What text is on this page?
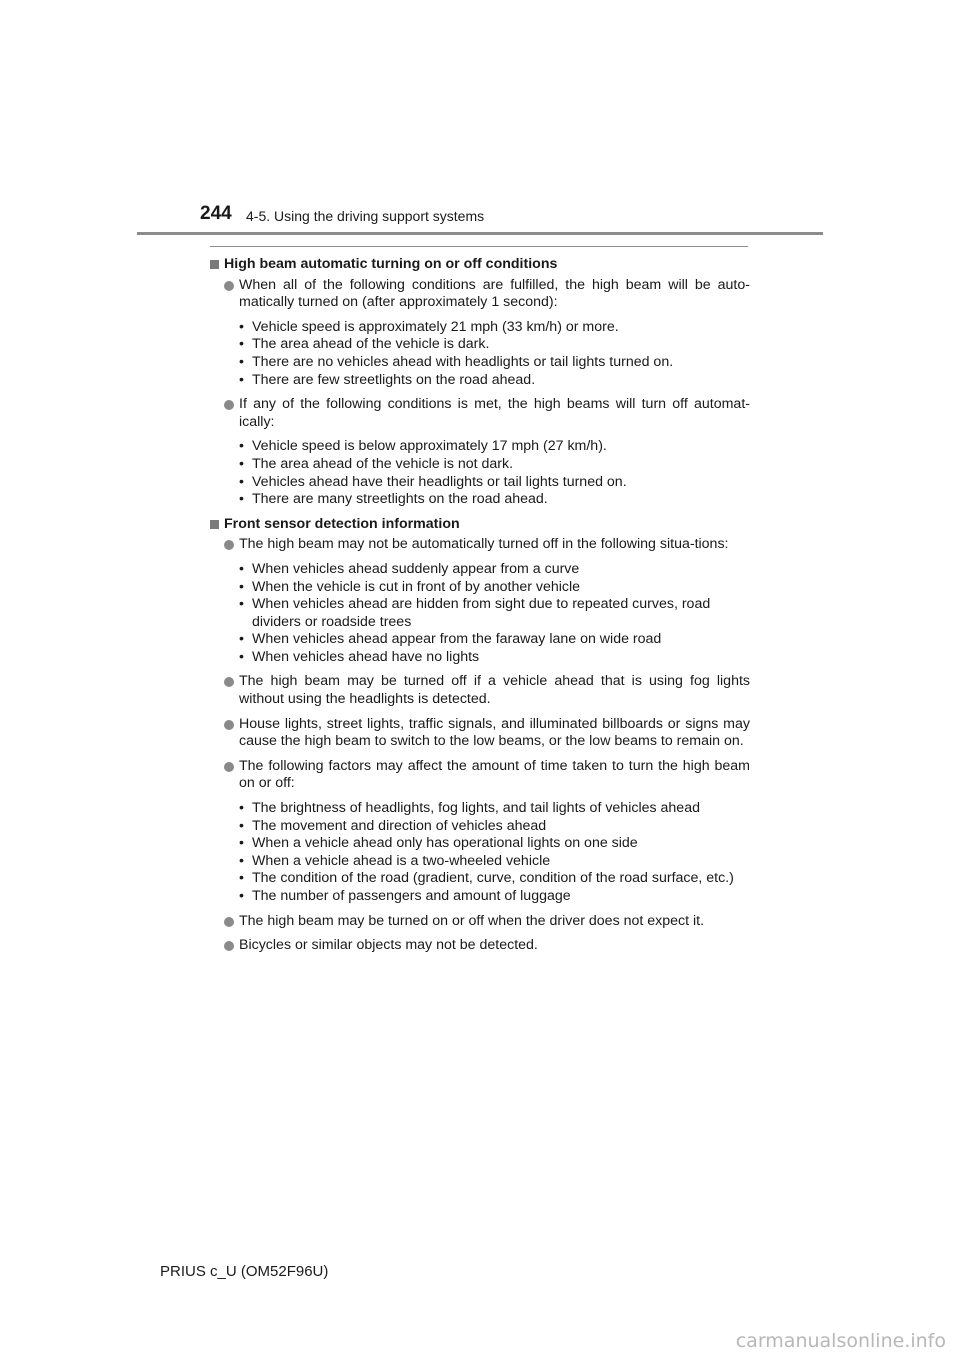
244 4-5. Using the driving support systems
High beam automatic turning on or off conditions
When all of the following conditions are fulfilled, the high beam will be auto-matically turned on (after approximately 1 second):
• Vehicle speed is approximately 21 mph (33 km/h) or more.
• The area ahead of the vehicle is dark.
• There are no vehicles ahead with headlights or tail lights turned on.
• There are few streetlights on the road ahead.
If any of the following conditions is met, the high beams will turn off automat-ically:
• Vehicle speed is below approximately 17 mph (27 km/h).
• The area ahead of the vehicle is not dark.
• Vehicles ahead have their headlights or tail lights turned on.
• There are many streetlights on the road ahead.
Front sensor detection information
The high beam may not be automatically turned off in the following situa-tions:
• When vehicles ahead suddenly appear from a curve
• When the vehicle is cut in front of by another vehicle
• When vehicles ahead are hidden from sight due to repeated curves, road dividers or roadside trees
• When vehicles ahead appear from the faraway lane on wide road
• When vehicles ahead have no lights
The high beam may be turned off if a vehicle ahead that is using fog lights without using the headlights is detected.
House lights, street lights, traffic signals, and illuminated billboards or signs may cause the high beam to switch to the low beams, or the low beams to remain on.
The following factors may affect the amount of time taken to turn the high beam on or off:
• The brightness of headlights, fog lights, and tail lights of vehicles ahead
• The movement and direction of vehicles ahead
• When a vehicle ahead only has operational lights on one side
• When a vehicle ahead is a two-wheeled vehicle
• The condition of the road (gradient, curve, condition of the road surface, etc.)
• The number of passengers and amount of luggage
The high beam may be turned on or off when the driver does not expect it.
Bicycles or similar objects may not be detected.
PRIUS c_U (OM52F96U)
carmanualsonline.info
